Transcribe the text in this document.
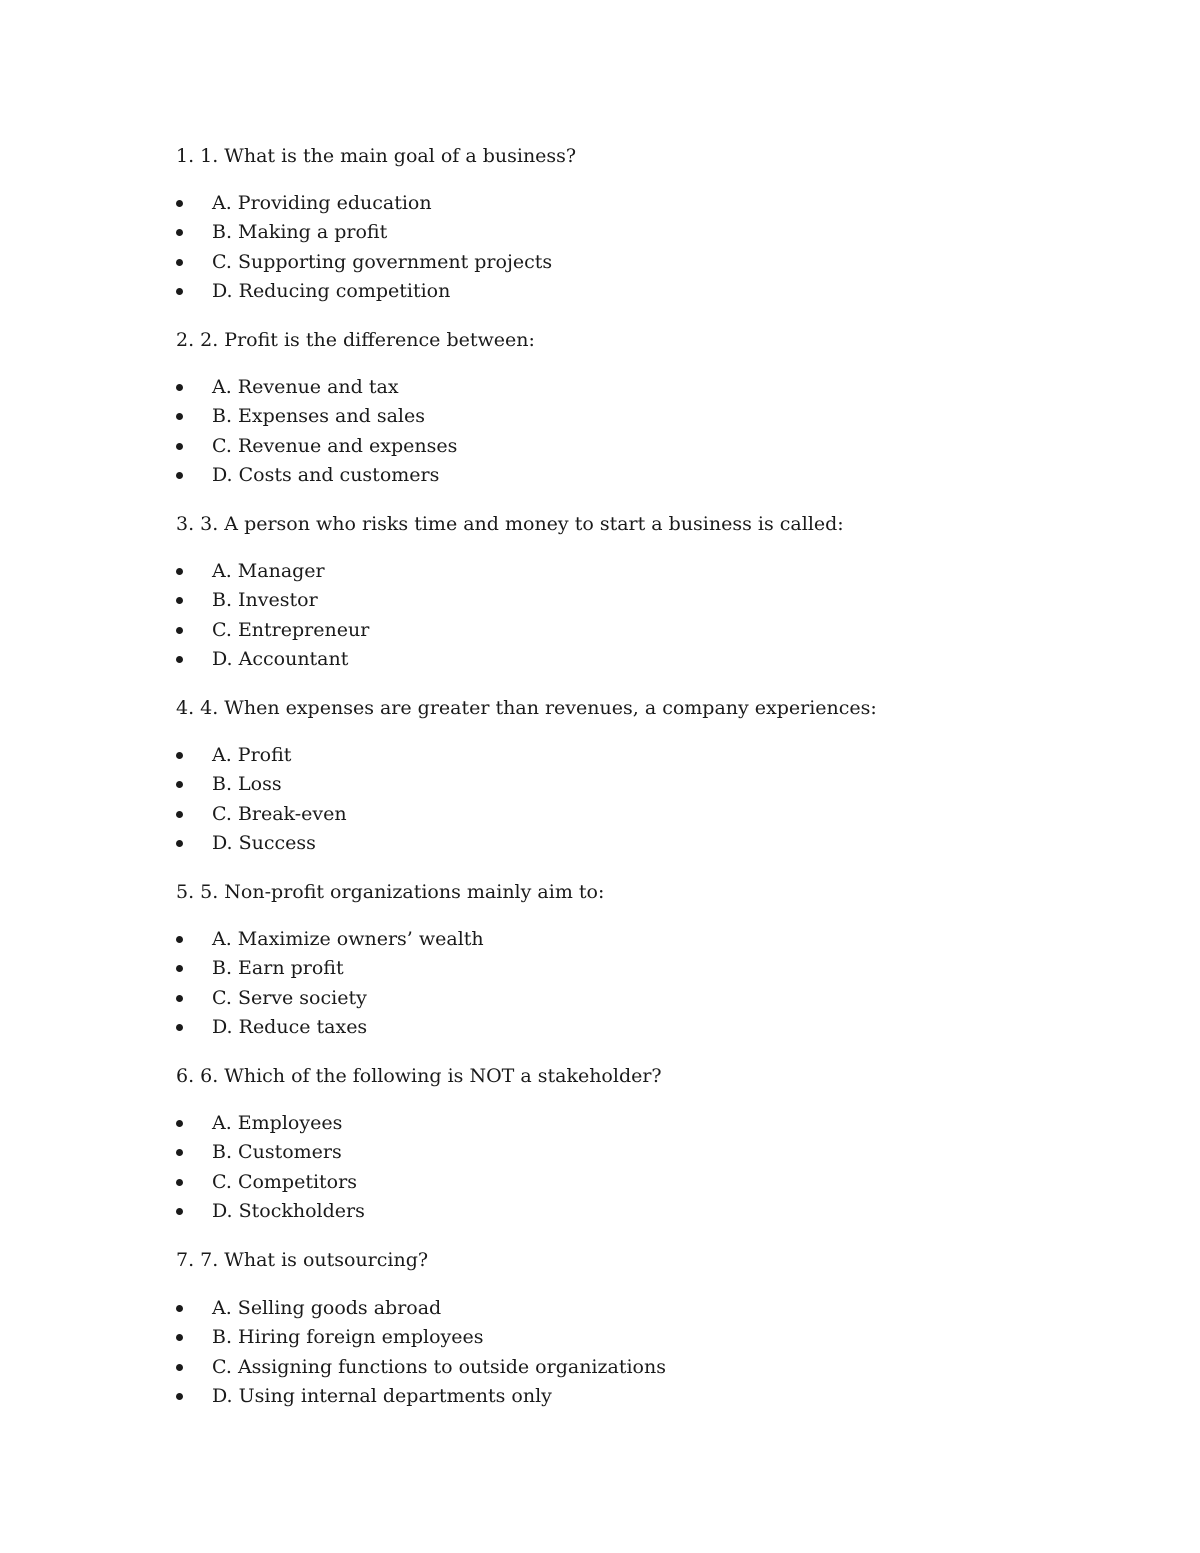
1. 1. What is the main goal of a business?

A. Providing education
B. Making a profit
C. Supporting government projects
D. Reducing competition

2. 2. Profit is the difference between:

A. Revenue and tax
B. Expenses and sales
C. Revenue and expenses
D. Costs and customers

3. 3. A person who risks time and money to start a business is called:

A. Manager
B. Investor
C. Entrepreneur
D. Accountant

4. 4. When expenses are greater than revenues, a company experiences:

A. Profit
B. Loss
C. Break-even
D. Success

5. 5. Non-profit organizations mainly aim to:

A. Maximize owners’ wealth
B. Earn profit
C. Serve society
D. Reduce taxes

6. 6. Which of the following is NOT a stakeholder?

A. Employees
B. Customers
C. Competitors
D. Stockholders

7. 7. What is outsourcing?

A. Selling goods abroad
B. Hiring foreign employees
C. Assigning functions to outside organizations
D. Using internal departments only
